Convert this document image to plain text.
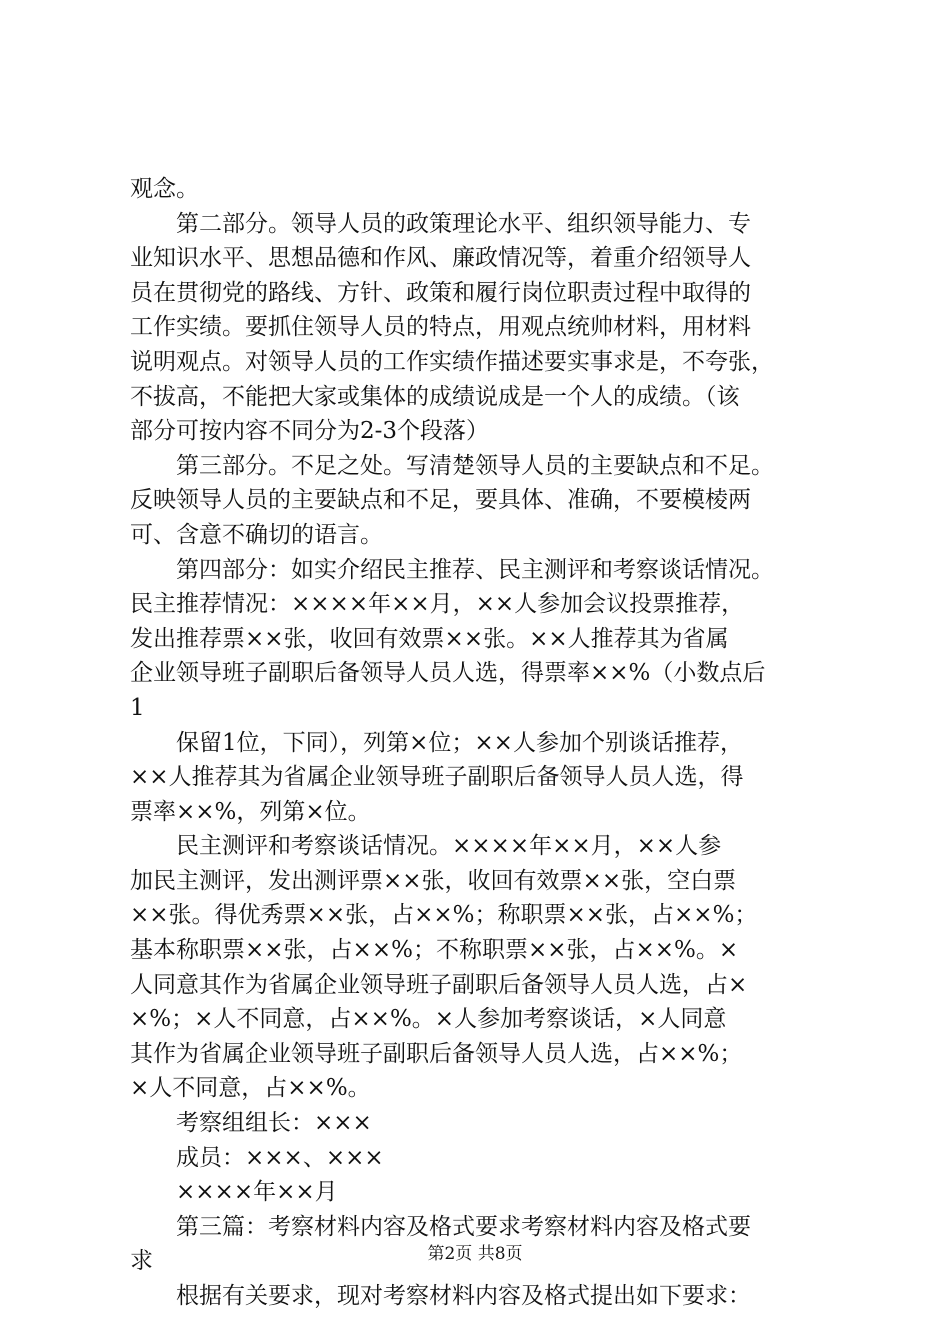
观念。

　　第二部分。领导人员的政策理论水平、组织领导能力、专

业知识水平、思想品德和作风、廉政情况等，着重介绍领导人

员在贯彻党的路线、方针、政策和履行岗位职责过程中取得的

工作实绩。要抓住领导人员的特点，用观点统帅材料，用材料

说明观点。对领导人员的工作实绩作描述要实事求是，不夸张，

不拔高，不能把大家或集体的成绩说成是一个人的成绩。（该

部分可按内容不同分为2-3个段落）

　　第三部分。不足之处。写清楚领导人员的主要缺点和不足。

反映领导人员的主要缺点和不足，要具体、准确，不要模棱两

可、含意不确切的语言。

　　第四部分：如实介绍民主推荐、民主测评和考察谈话情况。

民主推荐情况：××××年××月，××人参加会议投票推荐，

发出推荐票××张，收回有效票××张。××人推荐其为省属

企业领导班子副职后备领导人员人选，得票率××%（小数点后

1

　　保留1位，下同），列第×位；××人参加个别谈话推荐，

××人推荐其为省属企业领导班子副职后备领导人员人选，得

票率××%，列第×位。

　　民主测评和考察谈话情况。××××年××月，××人参

加民主测评，发出测评票××张，收回有效票××张，空白票

××张。得优秀票××张，占××%；称职票××张，占××%；

基本称职票××张，占××%；不称职票××张，占××%。×

人同意其作为省属企业领导班子副职后备领导人员人选，占×

×%；×人不同意，占××%。×人参加考察谈话，×人同意

其作为省属企业领导班子副职后备领导人员人选，占××%；

×人不同意，占××%。

　　考察组组长：×××

　　成员：×××、×××

　　××××年××月

　　第三篇：考察材料内容及格式要求考察材料内容及格式要

求

　　根据有关要求，现对考察材料内容及格式提出如下要求：

第2页 共8页
